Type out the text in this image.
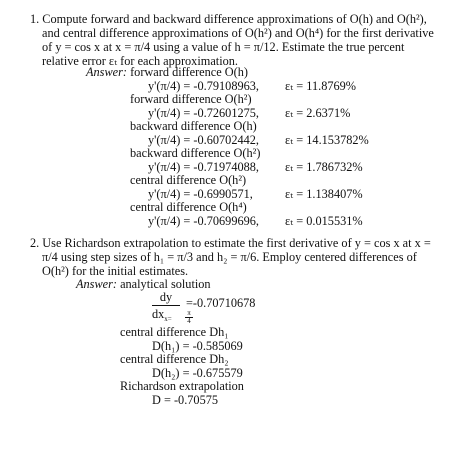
1. Compute forward and backward difference approximations of O(h) and O(h²),
and central difference approximations of O(h²) and O(h⁴) for the first derivative
of y = cos x at x = π/4 using a value of h = π/12. Estimate the true percent
relative error εₜ for each approximation.
Answer: forward difference O(h)
y'(π/4) = -0.79108963, εₜ = 11.8769%
forward difference O(h²)
y'(π/4) = -0.72601275, εₜ = 2.6371%
backward difference O(h)
y'(π/4) = -0.60702442, εₜ = 14.153782%
backward difference O(h²)
y'(π/4) = -0.71974088, εₜ = 1.786732%
central difference O(h²)
y'(π/4) = -0.6990571,	εₜ = 1.138407%
central difference O(h⁴)
y'(π/4) = -0.70699696, εₜ = 0.015531%
2. Use Richardson extrapolation to estimate the first derivative of y = cos x at x =
π/4 using step sizes of h₁ = π/3 and h₂ = π/6. Employ centered differences of
O(h²) for the initial estimates.
Answer: analytical solution
dy
$dx_{x=}$
π
4
=-0.70710678
central difference Dh₁
D(h₁) = -0.585069
central difference Dh₂
D(h₂) = -0.675579
Richardson extrapolation
D = -0.70575
